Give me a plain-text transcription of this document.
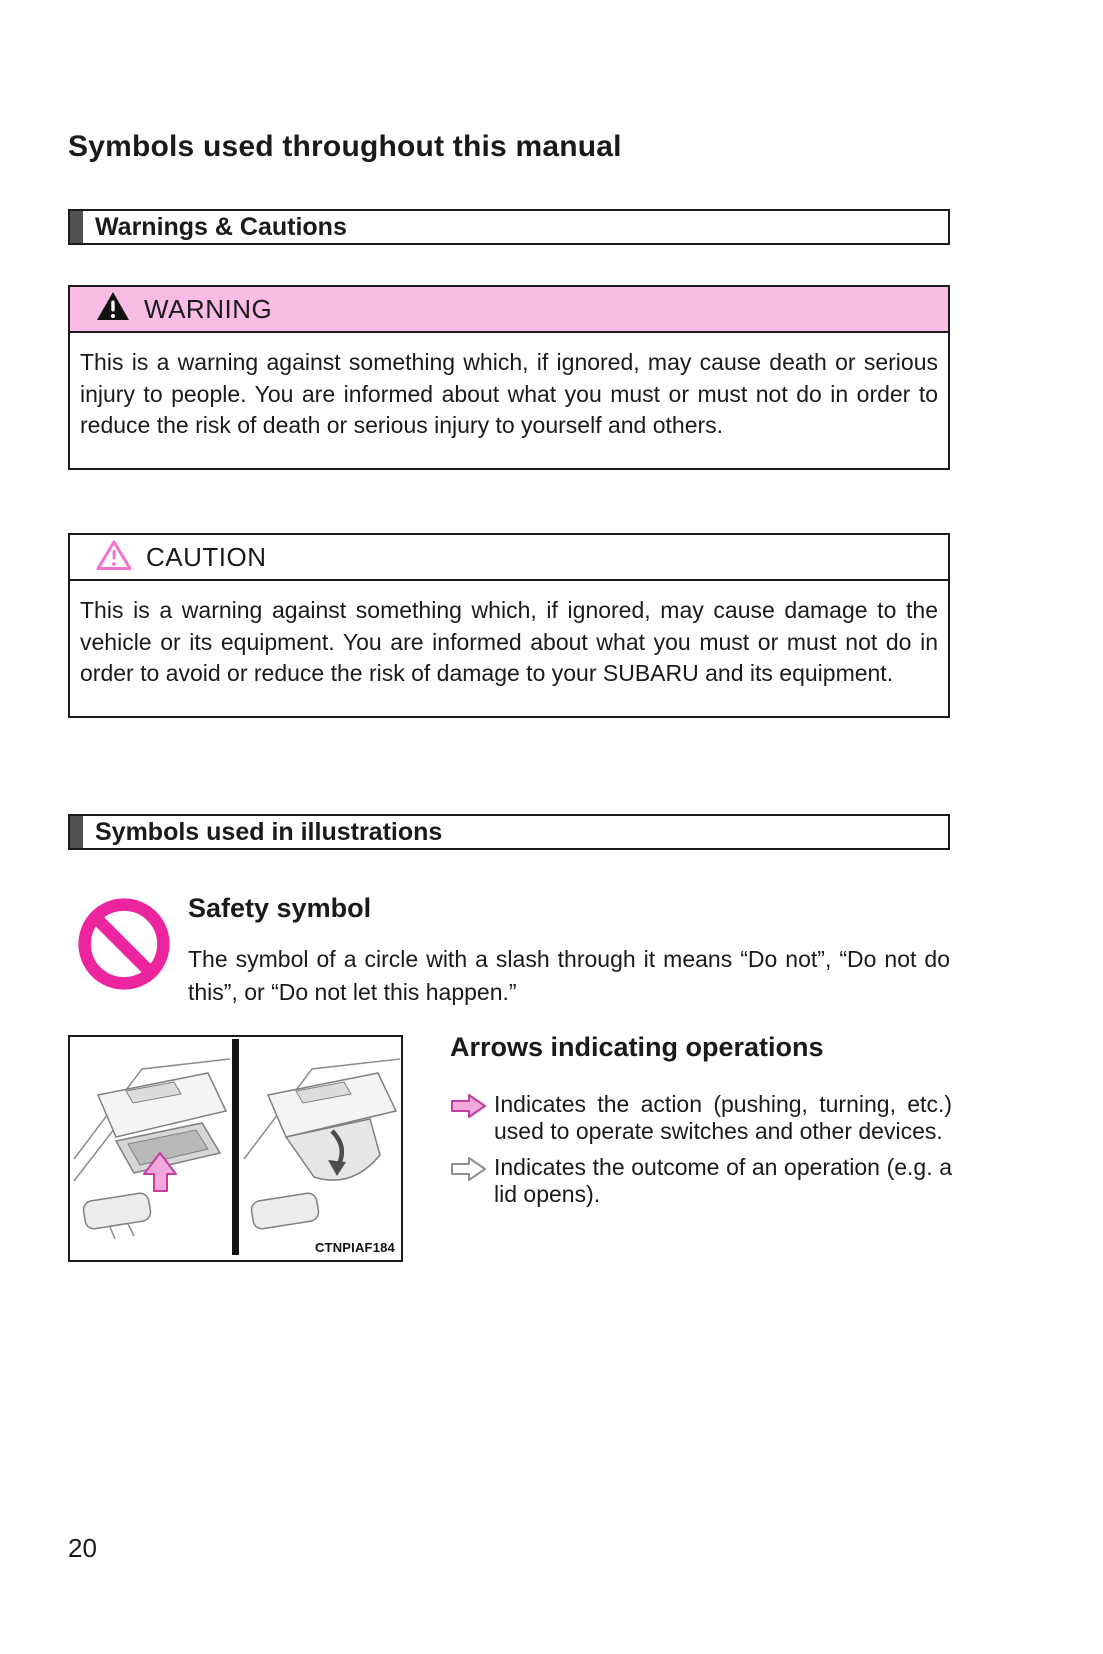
Symbols used throughout this manual
Warnings & Cautions
WARNING
This is a warning against something which, if ignored, may cause death or serious injury to people. You are informed about what you must or must not do in order to reduce the risk of death or serious injury to yourself and others.
CAUTION
This is a warning against something which, if ignored, may cause damage to the vehicle or its equipment. You are informed about what you must or must not do in order to avoid or reduce the risk of damage to your SUBARU and its equipment.
Symbols used in illustrations
Safety symbol
The symbol of a circle with a slash through it means “Do not”, “Do not do this”, or “Do not let this happen.”
CTNPIAF184
Arrows indicating operations
Indicates the action (pushing, turning, etc.) used to operate switches and other devices.
Indicates the outcome of an operation (e.g. a lid opens).
20
